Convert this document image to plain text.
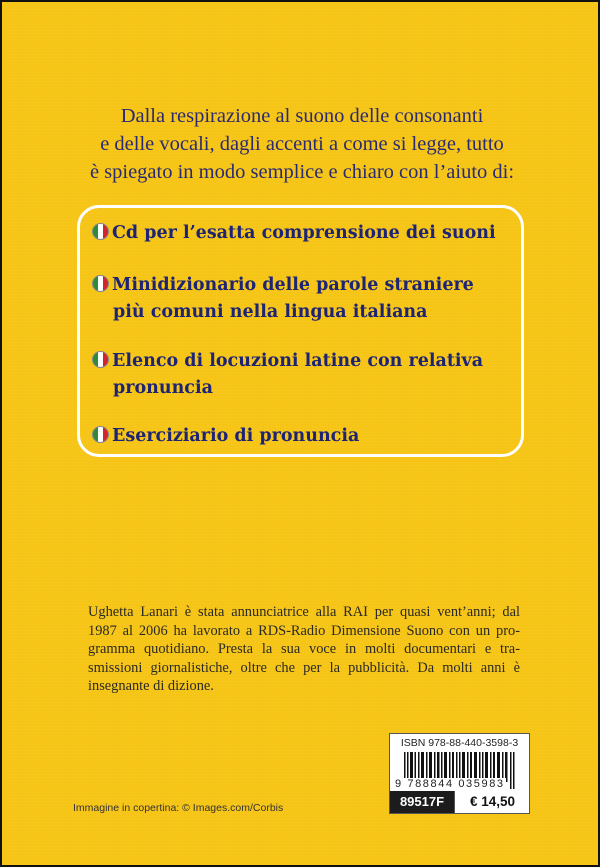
Dalla respirazione al suono delle consonanti
e delle vocali, dagli accenti a come si legge, tutto
è spiegato in modo semplice e chiaro con l’aiuto di:
Cd per l’esatta comprensione dei suoni
Minidizionario delle parole straniere
più comuni nella lingua italiana
Elenco di locuzioni latine con relativa
pronuncia
Eserciziario di pronuncia
Ughetta Lanari è stata annunciatrice alla RAI per quasi vent’anni; dal
1987 al 2006 ha lavorato a RDS-Radio Dimensione Suono con un pro-
gramma quotidiano. Presta la sua voce in molti documentari e tra-
smissioni giornalistiche, oltre che per la pubblicità. Da molti anni è
insegnante di dizione.
ISBN 978-88-440-3598-3
9 788844 035983
89517F	€ 14,50
Immagine in copertina: © Images.com/Corbis
